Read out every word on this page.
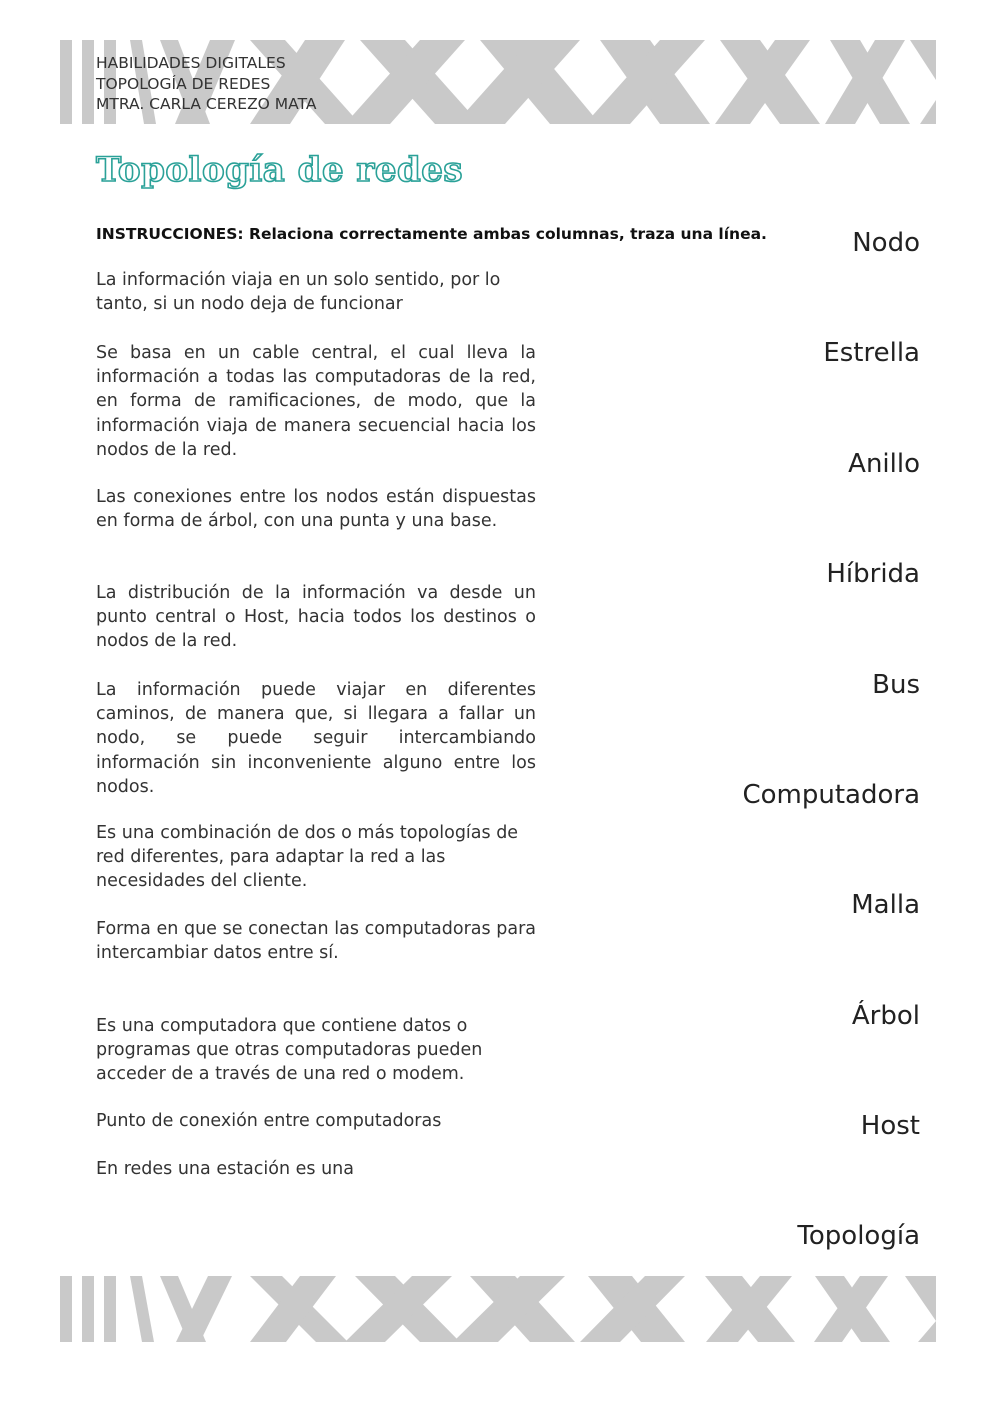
HABILIDADES DIGITALES
TOPOLOGÍA DE REDES
MTRA. CARLA CEREZO MATA
Topología de redes
INSTRUCCIONES: Relaciona correctamente ambas columnas, traza una línea.
La información viaja en un solo sentido, por lo tanto, si un nodo deja de funcionar
Se basa en un cable central, el cual lleva la información a todas las computadoras de la red, en forma de ramificaciones, de modo, que la información viaja de manera secuencial hacia los nodos de la red.
Las conexiones entre los nodos están dispuestas en forma de árbol, con una punta y una base.
La distribución de la información va desde un punto central o Host, hacia todos los destinos o nodos de la red.
La información puede viajar en diferentes caminos, de manera que, si llegara a fallar un nodo, se puede seguir intercambiando información sin inconveniente alguno entre los nodos.
Es una combinación de dos o más topologías de red diferentes, para adaptar la red a las necesidades del cliente.
Forma en que se conectan las computadoras para intercambiar datos entre sí.
Es una computadora que contiene datos o programas que otras computadoras pueden acceder de a través de una red o modem.
Punto de conexión entre computadoras
En redes una estación es una
Nodo
Estrella
Anillo
Híbrida
Bus
Computadora
Malla
Árbol
Host
Topología
